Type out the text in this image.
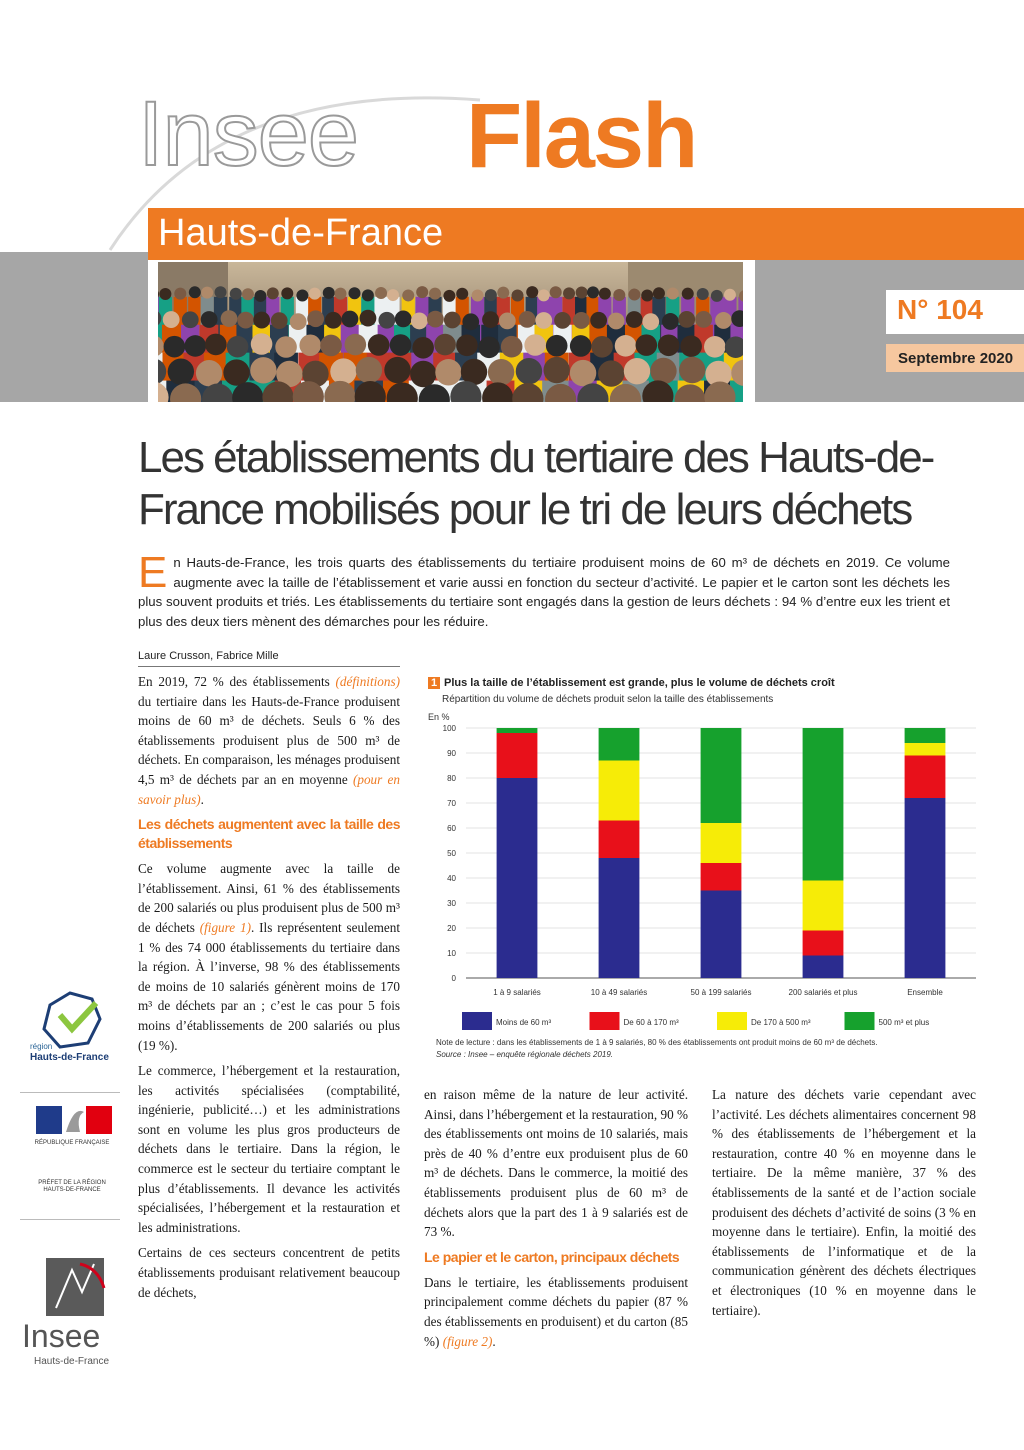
Insee Flash
Hauts-de-France
N° 104
Septembre 2020
Les établissements du tertiaire des Hauts-de-France mobilisés pour le tri de leurs déchets
En Hauts-de-France, les trois quarts des établissements du tertiaire produisent moins de 60 m³ de déchets en 2019. Ce volume augmente avec la taille de l’établissement et varie aussi en fonction du secteur d’activité. Le papier et le carton sont les déchets les plus souvent produits et triés. Les établissements du tertiaire sont engagés dans la gestion de leurs déchets : 94 % d’entre eux les trient et plus des deux tiers mènent des démarches pour les réduire.
Laure Crusson, Fabrice Mille

En 2019, 72 % des établissements (définitions) du tertiaire dans les Hauts-de-France produisent moins de 60 m³ de déchets. Seuls 6 % des établissements produisent plus de 500 m³ de déchets. En comparaison, les ménages produisent 4,5 m³ de déchets par an en moyenne (pour en savoir plus).

Les déchets augmentent avec la taille des établissements

Ce volume augmente avec la taille de l’établissement. Ainsi, 61 % des établissements de 200 salariés ou plus produisent plus de 500 m³ de déchets (figure 1). Ils représentent seulement 1 % des 74 000 établissements du tertiaire dans la région. À l’inverse, 98 % des établissements de moins de 10 salariés génèrent moins de 170 m³ de déchets par an ; c’est le cas pour 5 fois moins d’établissements de 200 salariés ou plus (19 %).

Le commerce, l’hébergement et la restauration, les activités spécialisées (comptabilité, ingénierie, publicité…) et les administrations sont en volume les plus gros producteurs de déchets dans le tertiaire. Dans la région, le commerce est le secteur du tertiaire comptant le plus d’établissements. Il devance les activités spécialisées, l’hébergement et la restauration et les administrations.

Certains de ces secteurs concentrent de petits établissements produisant relativement beaucoup de déchets,

en raison même de la nature de leur activité. Ainsi, dans l’hébergement et la restauration, 90 % des établissements ont moins de 10 salariés, mais près de 40 % d’entre eux produisent plus de 60 m³ de déchets. Dans le commerce, la moitié des établissements produisent plus de 60 m³ de déchets alors que la part des 1 à 9 salariés est de 73 %.

Le papier et le carton, principaux déchets

Dans le tertiaire, les établissements produisent principalement comme déchets du papier (87 % des établissements en produisent) et du carton (85 %) (figure 2).

La nature des déchets varie cependant avec l’activité. Les déchets alimentaires concernent 98 % des établissements de l’hébergement et la restauration, contre 40 % en moyenne dans le tertiaire. De la même manière, 37 % des établissements de la santé et de l’action sociale produisent des déchets d’activité de soins (3 % en moyenne dans le tertiaire). Enfin, la moitié des établissements de l’informatique et de la communication génèrent des déchets électriques et électroniques (10 % en moyenne dans le tertiaire).

1 Plus la taille de l’établissement est grande, plus le volume de déchets croît
Répartition du volume de déchets produit selon la taille des établissements
En %
0
10
20
30
40
50
60
70
80
90
100
1 à 9 salariés	10 à 49 salariés	50 à 199 salariés	200 salariés et plus	Ensemble
Moins de 60 m³	De 60 à 170 m³	De 170 à 500 m³	500 m³ et plus
Note de lecture : dans les établissements de 1 à 9 salariés, 80 % des établissements ont produit moins de 60 m³ de déchets.
Source : Insee – enquête régionale déchets 2019.
région
Hauts-de-France
RÉPUBLIQUE FRANÇAISE
PRÉFET DE LA RÉGION HAUTS-DE-FRANCE
Insee
Hauts-de-France
